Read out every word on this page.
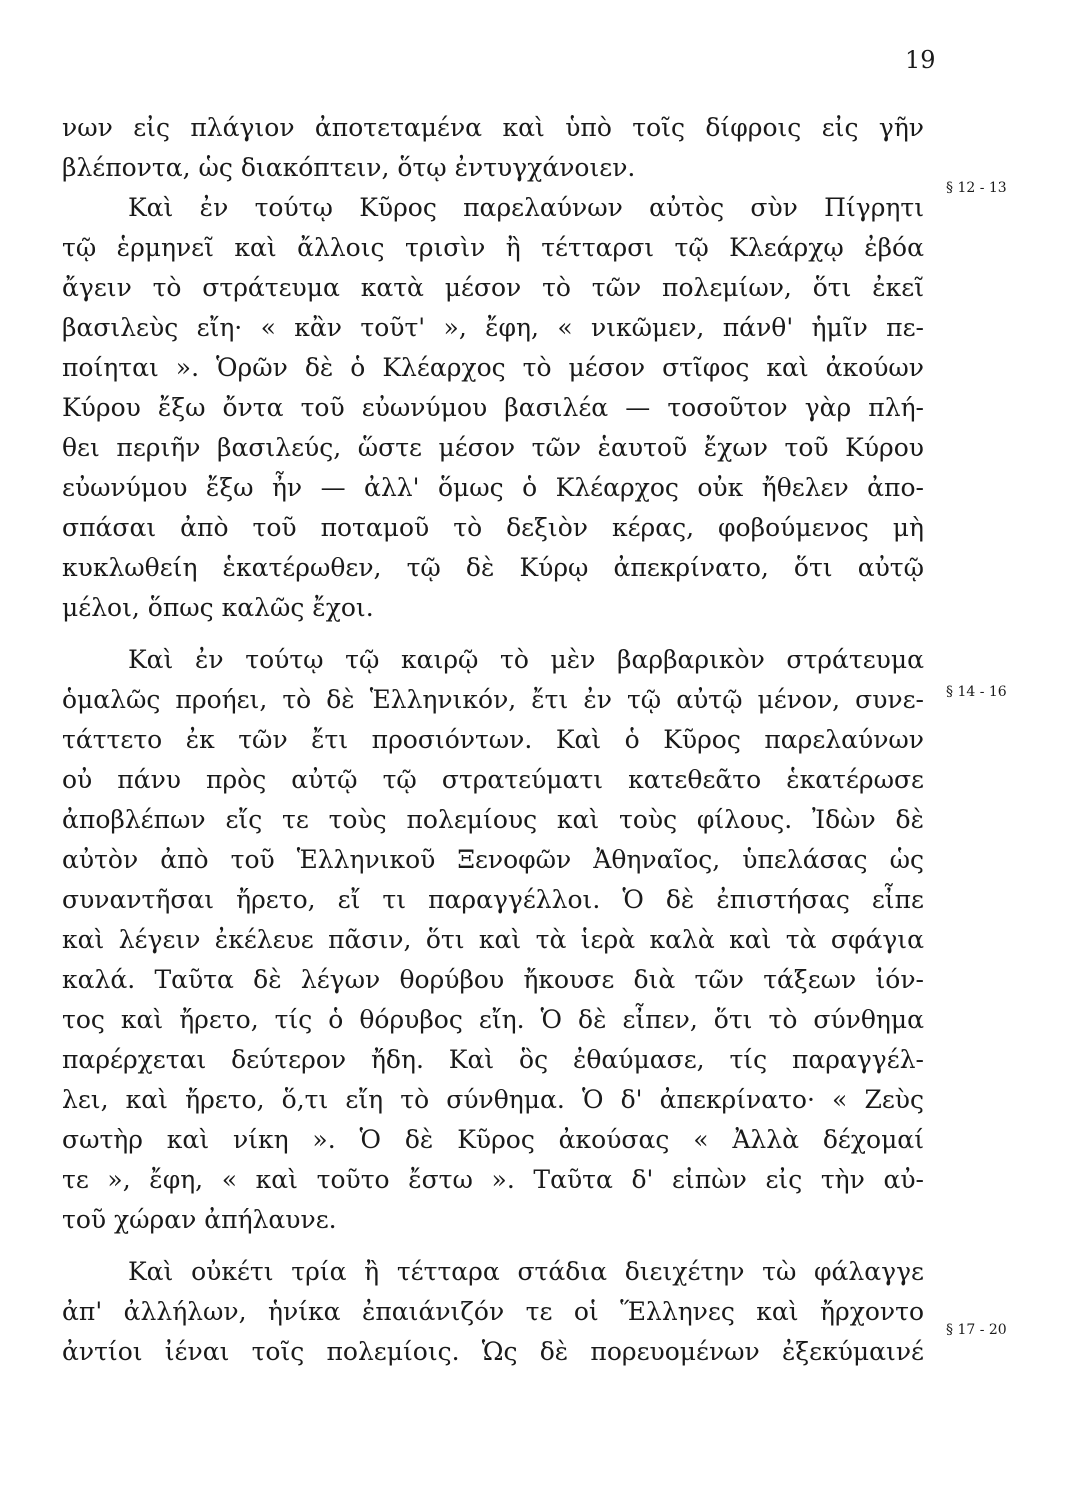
19
νων εἰς πλάγιον ἀποτεταμένα καὶ ὑπὸ τοῖς δίφροις εἰς γῆν
βλέποντα, ὡς διακόπτειν, ὅτῳ ἐντυγχάνοιεν.
Καὶ ἐν τούτῳ Κῦρος παρελαύνων αὐτὸς σὺν Πίγρητι
τῷ ἑρμηνεῖ καὶ ἄλλοις τρισὶν ἢ τέτταρσι τῷ Κλεάρχῳ ἐβόα
ἄγειν τὸ στράτευμα κατὰ μέσον τὸ τῶν πολεμίων, ὅτι ἐκεῖ
βασιλεὺς εἴη· « κἂν τοῦτ' », ἔφη, « νικῶμεν, πάνθ' ἡμῖν πε-
ποίηται ». Ὁρῶν δὲ ὁ Κλέαρχος τὸ μέσον στῖφος καὶ ἀκούων
Κύρου ἔξω ὄντα τοῦ εὐωνύμου βασιλέα — τοσοῦτον γὰρ πλή-
θει περιῆν βασιλεύς, ὥστε μέσον τῶν ἑαυτοῦ ἔχων τοῦ Κύρου
εὐωνύμου ἔξω ἦν — ἀλλ' ὅμως ὁ Κλέαρχος οὐκ ἤθελεν ἀπο-
σπάσαι ἀπὸ τοῦ ποταμοῦ τὸ δεξιὸν κέρας, φοβούμενος μὴ
κυκλωθείη ἑκατέρωθεν, τῷ δὲ Κύρῳ ἀπεκρίνατο, ὅτι αὐτῷ
μέλοι, ὅπως καλῶς ἔχοι.
Καὶ ἐν τούτῳ τῷ καιρῷ τὸ μὲν βαρβαρικὸν στράτευμα
ὁμαλῶς προήει, τὸ δὲ Ἑλληνικόν, ἔτι ἐν τῷ αὐτῷ μένον, συνε-
τάττετο ἐκ τῶν ἔτι προσιόντων. Καὶ ὁ Κῦρος παρελαύνων
οὐ πάνυ πρὸς αὐτῷ τῷ στρατεύματι κατεθεᾶτο ἑκατέρωσε
ἀποβλέπων εἴς τε τοὺς πολεμίους καὶ τοὺς φίλους. Ἰδὼν δὲ
αὐτὸν ἀπὸ τοῦ Ἑλληνικοῦ Ξενοφῶν Ἀθηναῖος, ὑπελάσας ὡς
συναντῆσαι ἤρετο, εἴ τι παραγγέλλοι. Ὁ δὲ ἐπιστήσας εἶπε
καὶ λέγειν ἐκέλευε πᾶσιν, ὅτι καὶ τὰ ἱερὰ καλὰ καὶ τὰ σφάγια
καλά. Ταῦτα δὲ λέγων θορύβου ἤκουσε διὰ τῶν τάξεων ἰόν-
τος καὶ ἤρετο, τίς ὁ θόρυβος εἴη. Ὁ δὲ εἶπεν, ὅτι τὸ σύνθημα
παρέρχεται δεύτερον ἤδη. Καὶ ὃς ἐθαύμασε, τίς παραγγέλ-
λει, καὶ ἤρετο, ὅ,τι εἴη τὸ σύνθημα. Ὁ δ' ἀπεκρίνατο· « Ζεὺς
σωτὴρ καὶ νίκη ». Ὁ δὲ Κῦρος ἀκούσας « Ἀλλὰ δέχομαί
τε », ἔφη, « καὶ τοῦτο ἔστω ». Ταῦτα δ' εἰπὼν εἰς τὴν αὐ-
τοῦ χώραν ἀπήλαυνε.
Καὶ οὐκέτι τρία ἢ τέτταρα στάδια διειχέτην τὼ φάλαγγε
ἀπ' ἀλλήλων, ἡνίκα ἐπαιάνιζόν τε οἱ Ἕλληνες καὶ ἤρχοντο
ἀντίοι ἰέναι τοῖς πολεμίοις. Ὡς δὲ πορευομένων ἐξεκύμαινέ
§ 12 - 13
§ 14 - 16
§ 17 - 20
